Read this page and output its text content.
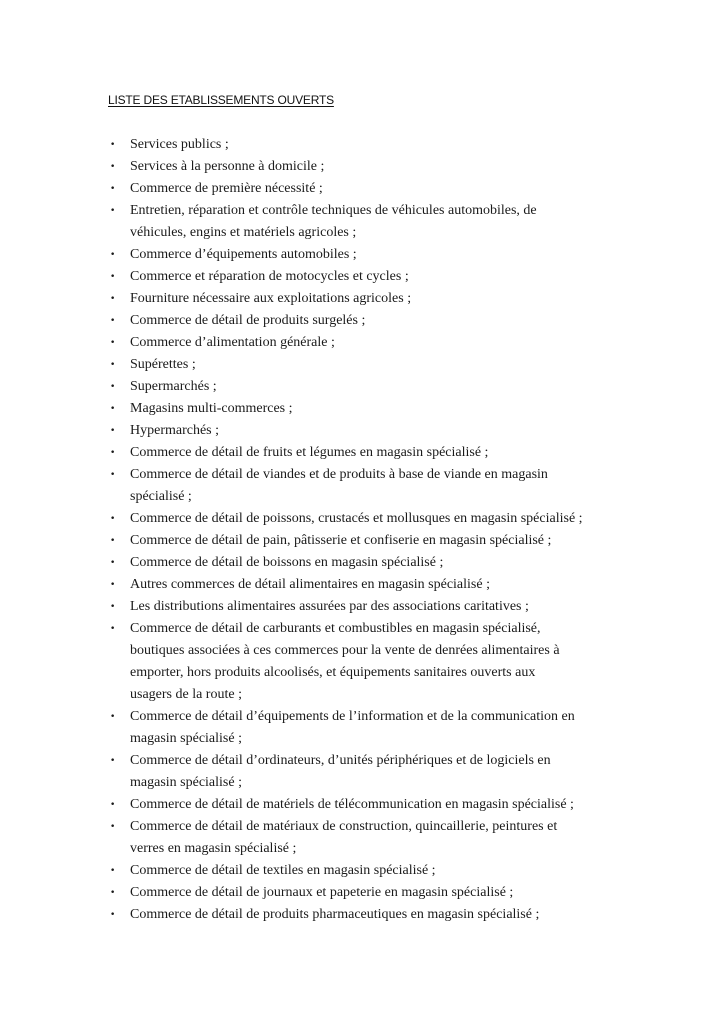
LISTE DES ETABLISSEMENTS OUVERTS
• Services publics ;
• Services à la personne à domicile ;
• Commerce de première nécessité ;
• Entretien, réparation et contrôle techniques de véhicules automobiles, de
véhicules, engins et matériels agricoles ;
• Commerce d’équipements automobiles ;
• Commerce et réparation de motocycles et cycles ;
• Fourniture nécessaire aux exploitations agricoles ;
• Commerce de détail de produits surgelés ;
• Commerce d’alimentation générale ;
• Supérettes ;
• Supermarchés ;
• Magasins multi-commerces ;
• Hypermarchés ;
• Commerce de détail de fruits et légumes en magasin spécialisé ;
• Commerce de détail de viandes et de produits à base de viande en magasin
spécialisé ;
• Commerce de détail de poissons, crustacés et mollusques en magasin spécialisé ;
• Commerce de détail de pain, pâtisserie et confiserie en magasin spécialisé ;
• Commerce de détail de boissons en magasin spécialisé ;
• Autres commerces de détail alimentaires en magasin spécialisé ;
• Les distributions alimentaires assurées par des associations caritatives ;
• Commerce de détail de carburants et combustibles en magasin spécialisé,
boutiques associées à ces commerces pour la vente de denrées alimentaires à
emporter, hors produits alcoolisés, et équipements sanitaires ouverts aux
usagers de la route ;
• Commerce de détail d’équipements de l’information et de la communication en
magasin spécialisé ;
• Commerce de détail d’ordinateurs, d’unités périphériques et de logiciels en
magasin spécialisé ;
• Commerce de détail de matériels de télécommunication en magasin spécialisé ;
• Commerce de détail de matériaux de construction, quincaillerie, peintures et
verres en magasin spécialisé ;
• Commerce de détail de textiles en magasin spécialisé ;
• Commerce de détail de journaux et papeterie en magasin spécialisé ;
• Commerce de détail de produits pharmaceutiques en magasin spécialisé ;
